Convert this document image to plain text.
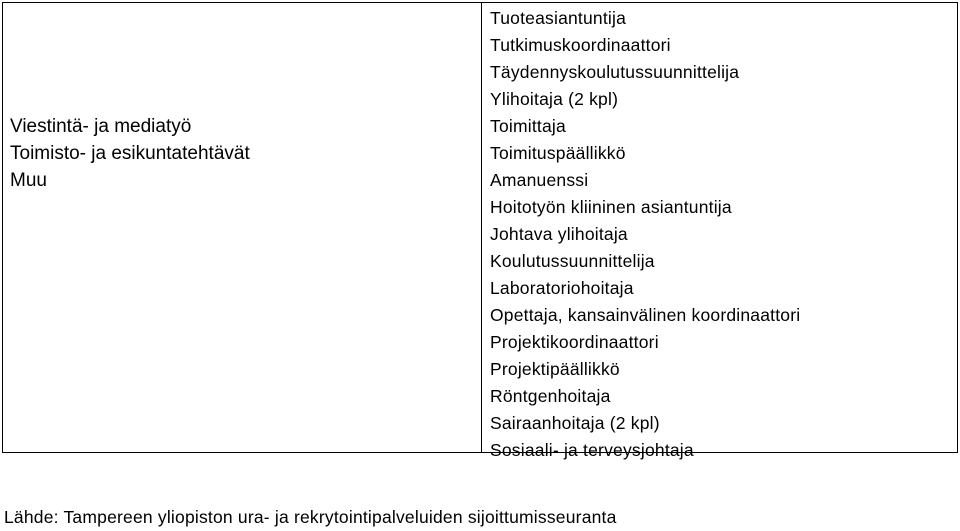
Viestintä- ja mediatyö
Toimisto- ja esikuntatehtävät
Muu
Tuoteasiantuntija
Tutkimuskoordinaattori
Täydennyskoulutussuunnittelija
Ylihoitaja (2 kpl)
Toimittaja
Toimituspäällikkö
Amanuenssi
Hoitotyön kliininen asiantuntija
Johtava ylihoitaja
Koulutussuunnittelija
Laboratoriohoitaja
Opettaja, kansainvälinen koordinaattori
Projektikoordinaattori
Projektipäällikkö
Röntgenhoitaja
Sairaanhoitaja (2 kpl)
Sosiaali- ja terveysjohtaja
Lähde: Tampereen yliopiston ura- ja rekrytointipalveluiden sijoittumisseuranta
